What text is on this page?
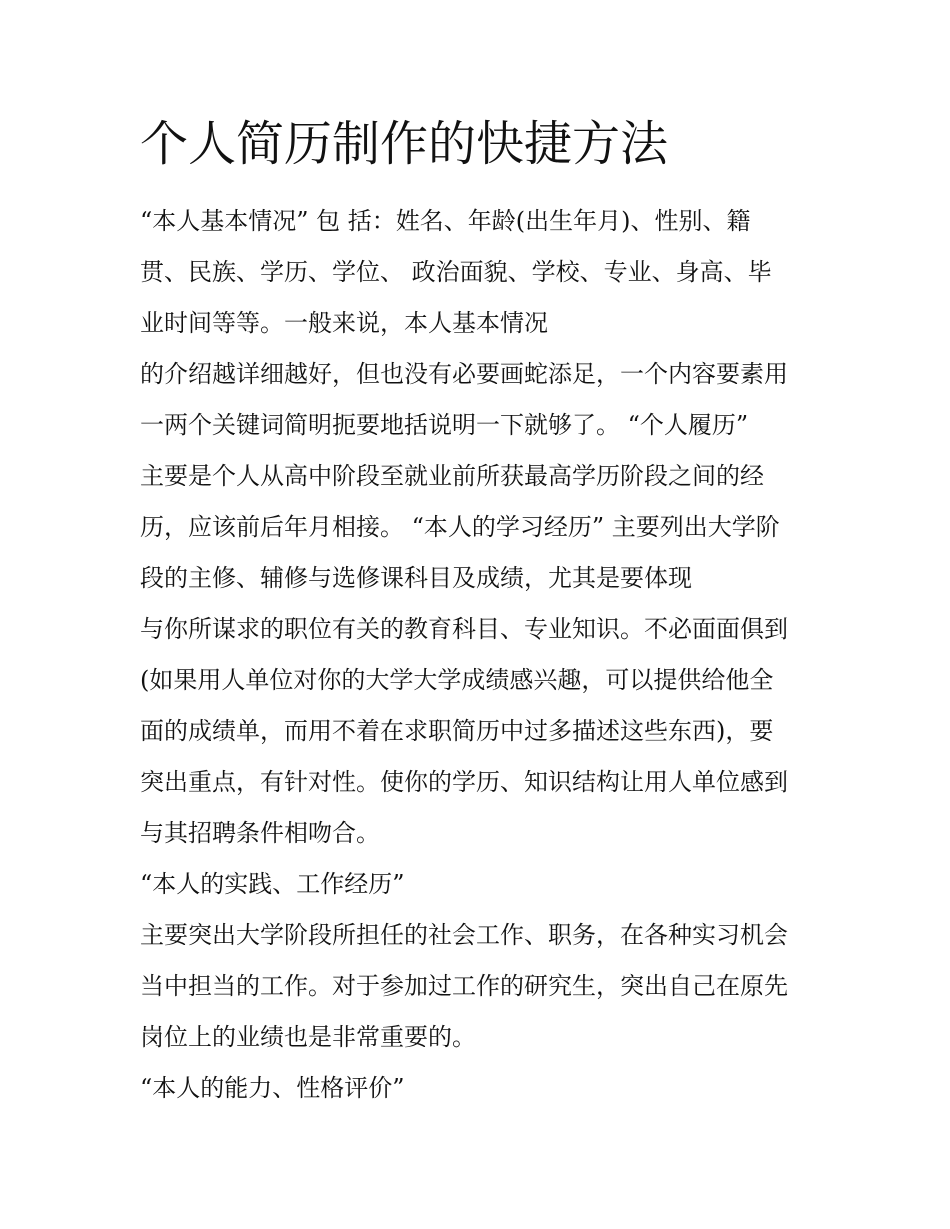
个人简历制作的快捷方法
“本人基本情况” 包 括：姓名、年龄(出生年月)、性别、籍
贯、民族、学历、学位、 政治面貌、学校、专业、身高、毕
业时间等等。一般来说，本人基本情况
的介绍越详细越好，但也没有必要画蛇添足，一个内容要素用
一两个关键词简明扼要地括说明一下就够了。 “个人履历”
主要是个人从高中阶段至就业前所获最高学历阶段之间的经
历，应该前后年月相接。 “本人的学习经历” 主要列出大学阶
段的主修、辅修与选修课科目及成绩，尤其是要体现
与你所谋求的职位有关的教育科目、专业知识。不必面面俱到
(如果用人单位对你的大学大学成绩感兴趣，可以提供给他全
面的成绩单，而用不着在求职简历中过多描述这些东西)，要
突出重点，有针对性。使你的学历、知识结构让用人单位感到
与其招聘条件相吻合。
“本人的实践、工作经历”
主要突出大学阶段所担任的社会工作、职务，在各种实习机会
当中担当的工作。对于参加过工作的研究生，突出自己在原先
岗位上的业绩也是非常重要的。
“本人的能力、性格评价”
